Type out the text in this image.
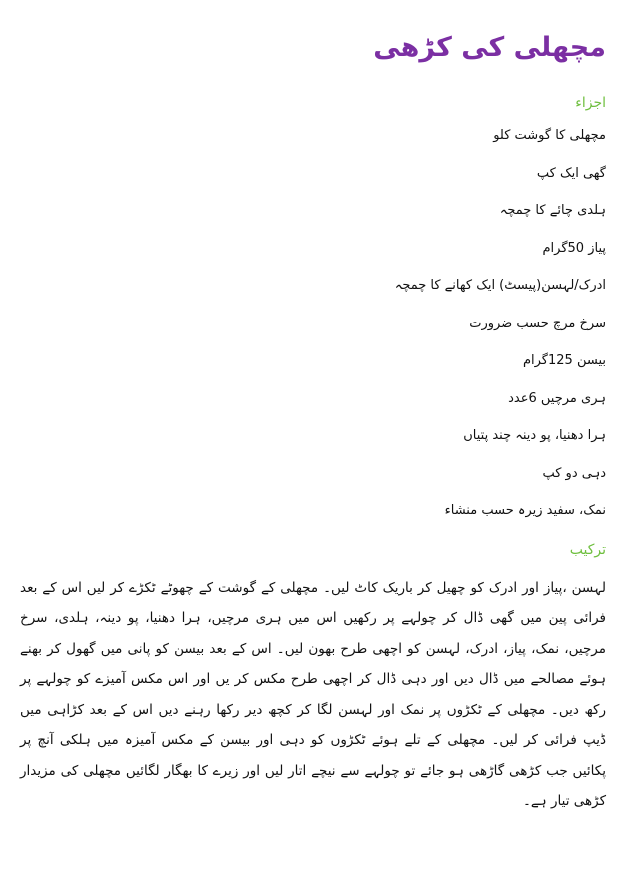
مچھلی کی کڑھی
اجزاء
مچھلی کا گوشت کلو
گھی ایک کپ
ہلدی چائے کا چمچہ
پیاز 50گرام
ادرک/لہسن(پیسٹ) ایک کھانے کا چمچہ
سرخ مرچ حسب ضرورت
بیسن 125گرام
ہری مرچیں 6عدد
ہرا دھنیا، پو دینہ چند پتیاں
دہی دو کپ
نمک، سفید زیرہ حسب منشاء
ترکیب

لہسن ،پیاز اور ادرک کو چھیل کر باریک کاٹ لیں۔ مچھلی کے گوشت کے چھوٹے ٹکڑے کر لیں اس کے بعد فرائی پین میں گھی ڈال کر چولہے پر رکھیں اس میں ہری مرچیں، ہرا دھنیا، پو دینہ، ہلدی، سرخ مرچیں، نمک، پیاز، ادرک، لہسن کو اچھی طرح بھون لیں۔ اس کے بعد بیسن کو پانی میں گھول کر بھنے ہوئے مصالحے میں ڈال دیں اور دہی ڈال کر اچھی طرح مکس کر یں اور اس مکس آمیزے کو چولہے پر رکھ دیں۔ مچھلی کے ٹکڑوں پر نمک اور لہسن لگا کر کچھ دیر رکھا رہنے دیں اس کے بعد کڑاہی میں ڈیپ فرائی کر لیں۔ مچھلی کے تلے ہوئے ٹکڑوں کو دہی اور بیسن کے مکس آمیزہ میں ہلکی آنچ پر پکائیں جب کڑھی گاڑھی ہو جائے تو چولہے سے نیچے اتار لیں اور زیرے کا بھگار لگائیں مچھلی کی مزیدار کڑھی تیار ہے۔
